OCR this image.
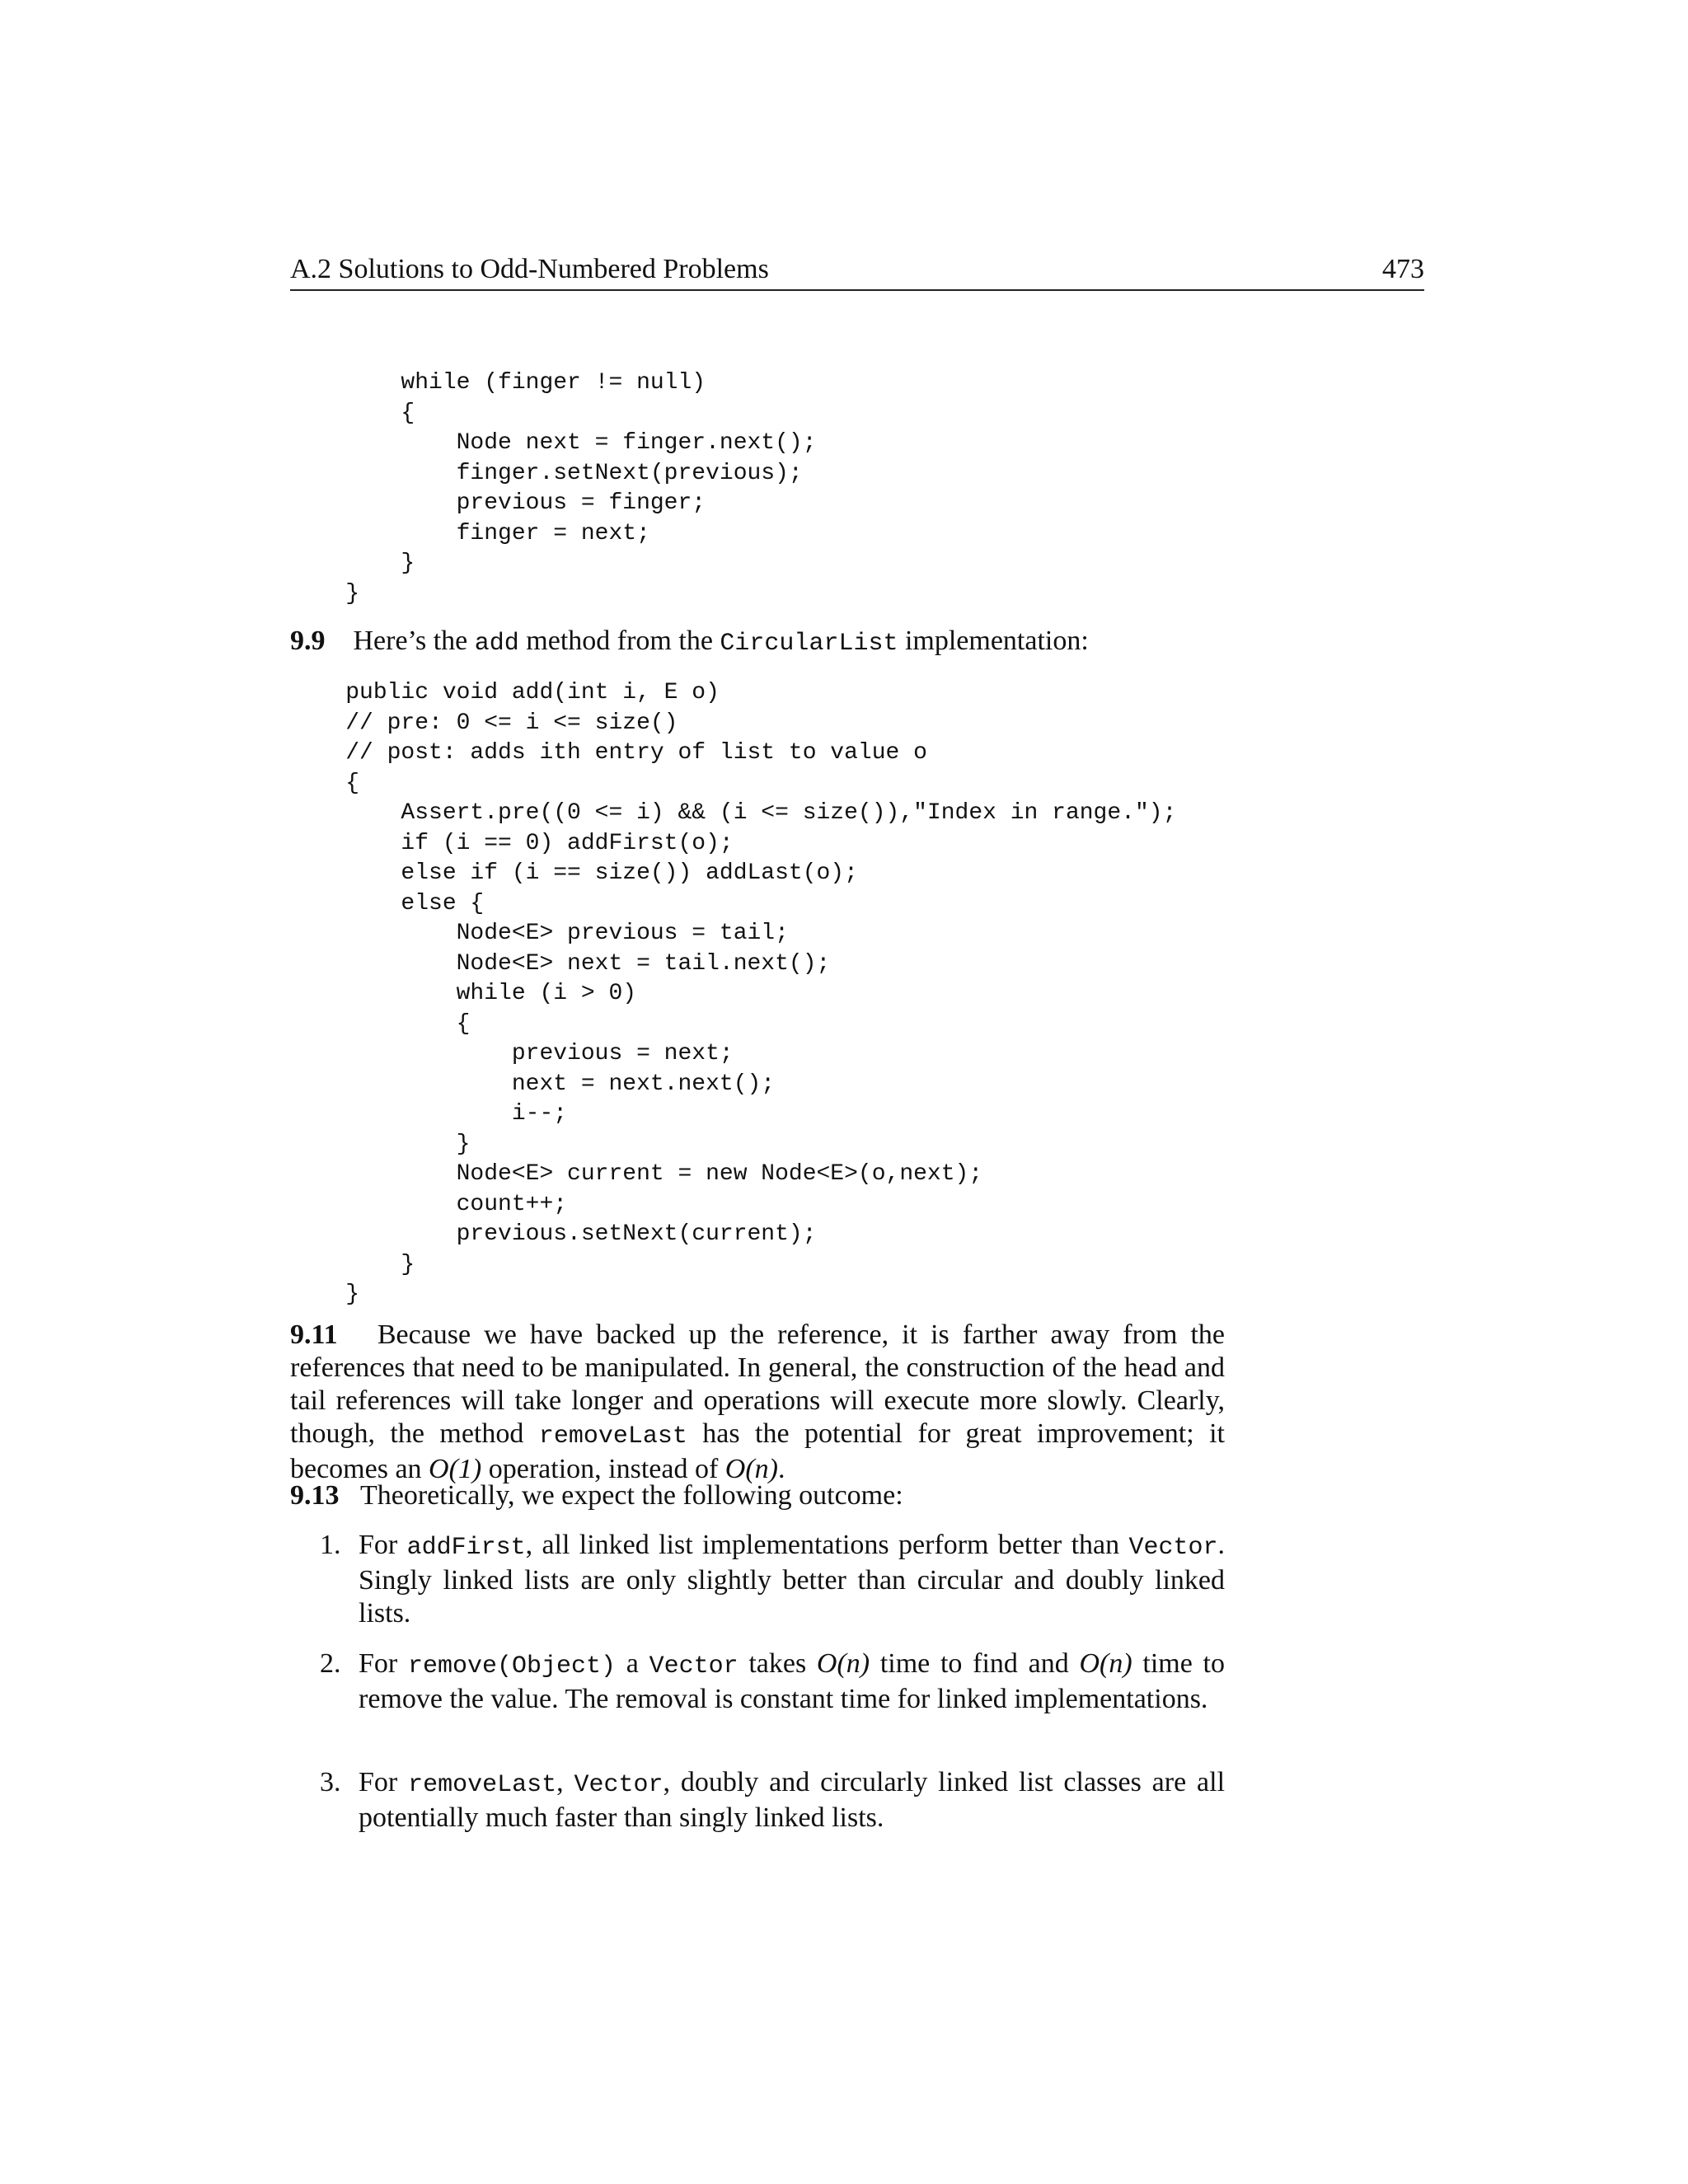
A.2 Solutions to Odd-Numbered Problems	473
while (finger != null)
{
Node next = finger.next();
finger.setNext(previous);
previous = finger;
finger = next;
}
}

9.9 Here’s the add method from the CircularList implementation:

public void add(int i, E o)
// pre: 0 <= i <= size()
// post: adds ith entry of list to value o
{
Assert.pre((0 <= i) && (i <= size()),"Index in range.");
if (i == 0) addFirst(o);
else if (i == size()) addLast(o);
else {
Node<E> previous = tail;
Node<E> next = tail.next();
while (i > 0)
{
previous = next;
next = next.next();
i--;
}
Node<E> current = new Node<E>(o,next);
count++;
previous.setNext(current);
}
}

9.11 Because we have backed up the reference, it is farther away from the references that need to be manipulated. In general, the construction of the head and tail references will take longer and operations will execute more slowly. Clearly, though, the method removeLast has the potential for great improvement; it becomes an O(1) operation, instead of O(n).

9.13 Theoretically, we expect the following outcome:

1. For addFirst, all linked list implementations perform better than Vector. Singly linked lists are only slightly better than circular and doubly linked lists.
2. For remove(Object) a Vector takes O(n) time to find and O(n) time to remove the value. The removal is constant time for linked implementations.
3. For removeLast, Vector, doubly and circularly linked list classes are all potentially much faster than singly linked lists.
